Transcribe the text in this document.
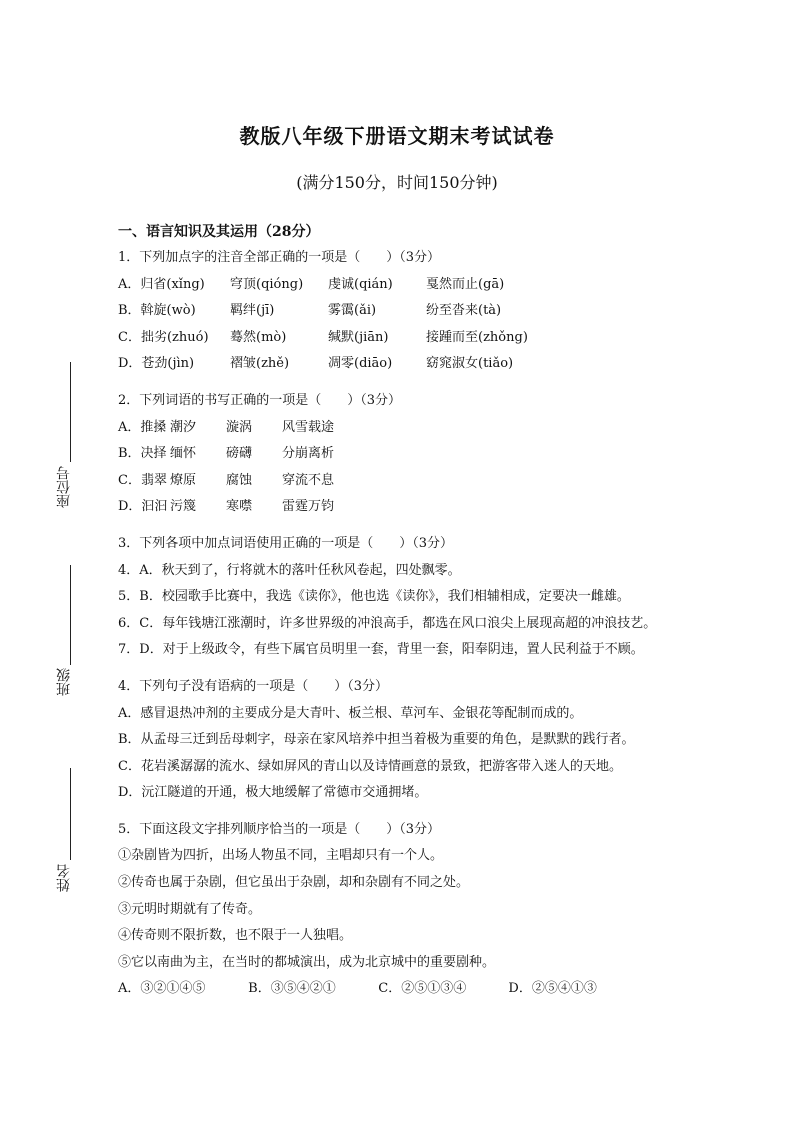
座位号
班级
姓名
教版八年级下册语文期末考试试卷
(满分150分，时间150分钟)
一、语言知识及其运用（28分）
1．下列加点字的注音全部正确的一项是（　　）（3分）
A．归省(xǐng)	穹顶(qióng)	虔诚(qián)	戛然而止(gā)
B．斡旋(wò)	羁绊(jī)	雾霭(ǎi)	纷至沓来(tà)
C．拙劣(zhuó)	蓦然(mò)	缄默(jiān)	接踵而至(zhǒng)
D．苍劲(jìn)	褶皱(zhě)	凋零(diāo)	窈窕淑女(tiǎo)
2．下列词语的书写正确的一项是（　　）（3分）
A．推搡 潮汐	漩涡	风雪载途
B．决择 缅怀	磅礴	分崩离析
C．翡翠 燎原	腐蚀	穿流不息
D．汩汩 污篾	寒噤	雷霆万钧
3．下列各项中加点词语使用正确的一项是（　　）（3分）
4．A．秋天到了，行将就木的落叶任秋风卷起，四处飘零。
5．B．校园歌手比赛中，我选《读你》，他也选《读你》，我们相辅相成，定要决一雌雄。
6．C．每年钱塘江涨潮时，许多世界级的冲浪高手，都选在风口浪尖上展现高超的冲浪技艺。
7．D．对于上级政令，有些下属官员明里一套，背里一套，阳奉阴违，置人民利益于不顾。
4．下列句子没有语病的一项是（　　）（3分）
A．感冒退热冲剂的主要成分是大青叶、板兰根、草河车、金银花等配制而成的。
B．从孟母三迁到岳母刺字，母亲在家风培养中担当着极为重要的角色，是默默的践行者。
C．花岩溪潺潺的流水、绿如屏风的青山以及诗情画意的景致，把游客带入迷人的天地。
D．沅江隧道的开通，极大地缓解了常德市交通拥堵。
5．下面这段文字排列顺序恰当的一项是（　　）（3分）
①杂剧皆为四折，出场人物虽不同，主唱却只有一个人。
②传奇也属于杂剧，但它虽出于杂剧，却和杂剧有不同之处。
③元明时期就有了传奇。
④传奇则不限折数，也不限于一人独唱。
⑤它以南曲为主，在当时的都城演出，成为北京城中的重要剧种。
A．③②①④⑤	B．③⑤④②①	C．②⑤①③④	D．②⑤④①③
